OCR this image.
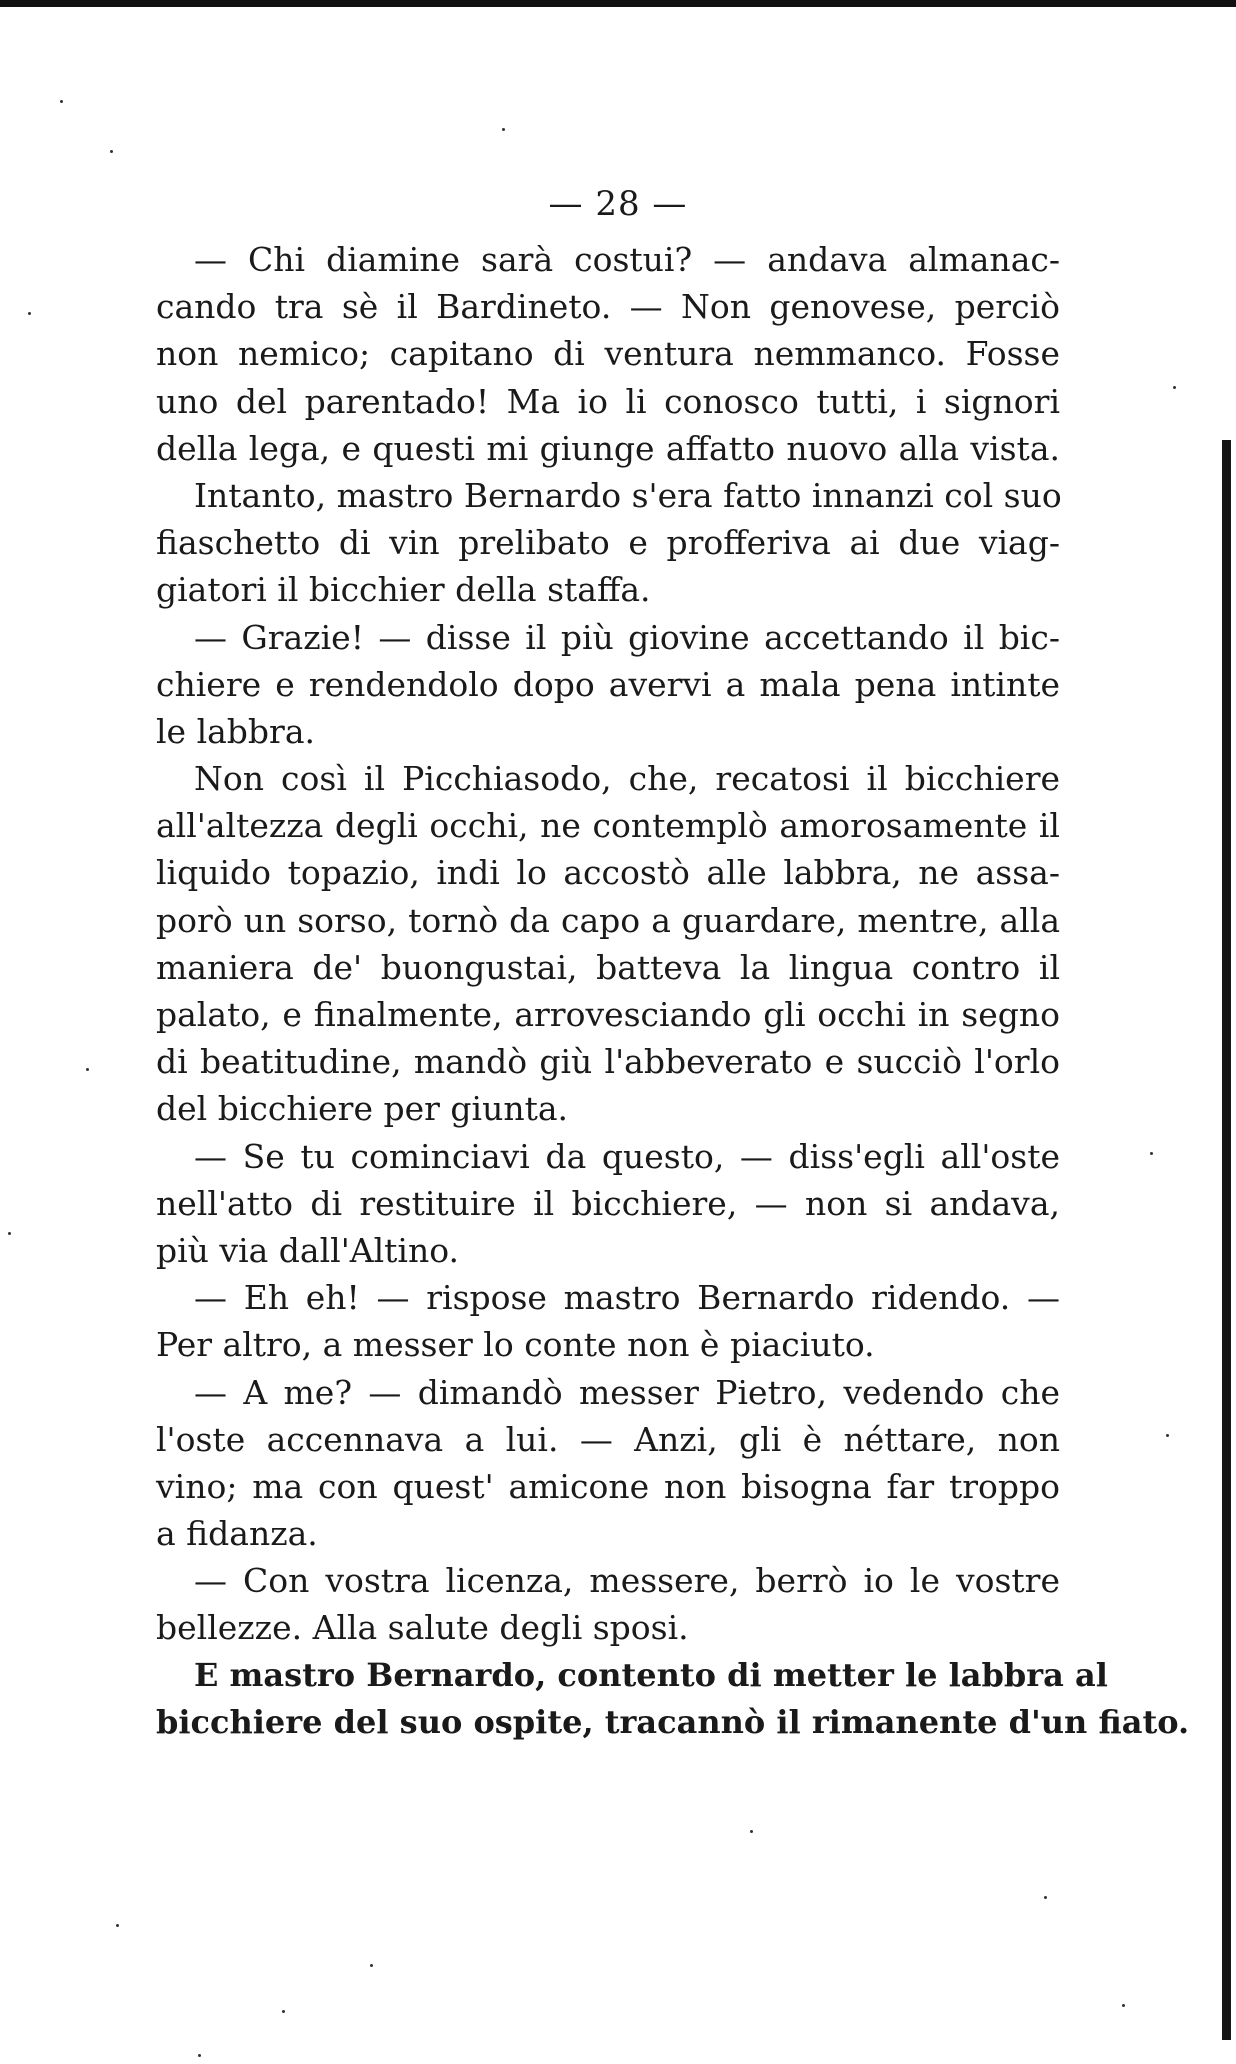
— 28 —
— Chi diamine sarà costui? — andava almanac-
cando tra sè il Bardineto. — Non genovese, perciò
non nemico; capitano di ventura nemmanco. Fosse
uno del parentado! Ma io li conosco tutti, i signori
della lega, e questi mi giunge affatto nuovo alla vista.
Intanto, mastro Bernardo s'era fatto innanzi col suo
fiaschetto di vin prelibato e profferiva ai due viag-
giatori il bicchier della staffa.
— Grazie! — disse il più giovine accettando il bic-
chiere e rendendolo dopo avervi a mala pena intinte
le labbra.
Non così il Picchiasodo, che, recatosi il bicchiere
all'altezza degli occhi, ne contemplò amorosamente il
liquido topazio, indi lo accostò alle labbra, ne assa-
porò un sorso, tornò da capo a guardare, mentre, alla
maniera de' buongustai, batteva la lingua contro il
palato, e finalmente, arrovesciando gli occhi in segno
di beatitudine, mandò giù l'abbeverato e succiò l'orlo
del bicchiere per giunta.
— Se tu cominciavi da questo, — diss'egli all'oste
nell'atto di restituire il bicchiere, — non si andava,
più via dall'Altino.
— Eh eh! — rispose mastro Bernardo ridendo. —
Per altro, a messer lo conte non è piaciuto.
— A me? — dimandò messer Pietro, vedendo che
l'oste accennava a lui. — Anzi, gli è néttare, non
vino; ma con quest' amicone non bisogna far troppo
a fidanza.
— Con vostra licenza, messere, berrò io le vostre
bellezze. Alla salute degli sposi.
E mastro Bernardo, contento di metter le labbra al
bicchiere del suo ospite, tracannò il rimanente d'un fiato.
